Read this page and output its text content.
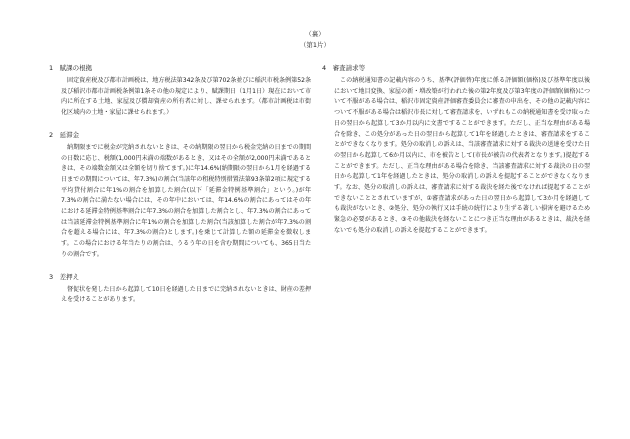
（裏）
（第1片）
1　賦課の根拠
固定資産税及び都市計画税は、地方税法第342条及び第702条並びに稲沢市税条例第52条及び稲沢市都市計画税条例第1条その他の規定により、賦課期日（1月1日）現在において市内に所在する土地、家屋及び償却資産の所有者に対し、課せられます。（都市計画税は市街化区域内の土地・家屋に課せられます。）
2　延滞金
納期限までに税金が完納されないときは、その納期限の翌日から税金完納の日までの期間の日数に応じ、税額(1,000円未満の端数があるとき、又はその全額が2,000円未満であるときは、その端数金額又は全額を切り捨てます。)に年14.6%(納期限の翌日から1月を経過する日までの期間については、年7.3%)の割合(当該年の租税特別措置法第93条第2項に規定する平均貸付割合に年1%の割合を加算した割合(以下「延滞金特例基準割合」という。)が年7.3%の割合に満たない場合には、その年中においては、年14.6%の割合にあってはその年における延滞金特例基準割合に年7.3%の割合を加算した割合とし、年7.3%の割合にあっては当該延滞金特例基準割合に年1%の割合を加算した割合(当該加算した割合が年7.3%の割合を超える場合には、年7.3%の割合)とします。)を乗じて計算した額の延滞金を徴収します。この場合における年当たりの割合は、うるう年の日を含む期間についても、365日当たりの割合です。
3　差押え
督促状を発した日から起算して10日を経過した日までに完納されないときは、財産の差押えを受けることがあります。
4　審査請求等
この納税通知書の記載内容のうち、基準(評価替)年度に係る評価額(価格)及び基準年度以後において地目変換、家屋の新・増改築が行われた後の第2年度及び第3年度の評価額(価格)について不服がある場合は、稲沢市固定資産評価審査委員会に審査の申出を、その他の記載内容について不服がある場合は稲沢市長に対して審査請求を、いずれもこの納税通知書を受け取った日の翌日から起算して3か月以内に文書ですることができます。ただし、正当な理由がある場合を除き、この処分があった日の翌日から起算して1年を経過したときは、審査請求をすることができなくなります。処分の取消しの訴えは、当該審査請求に対する裁決の送達を受けた日の翌日から起算して6か月以内に、市を被告として(市長が被告の代表者となります。)提起することができます。ただし、正当な理由がある場合を除き、当該審査請求に対する裁決の日の翌日から起算して1年を経過したときは、処分の取消しの訴えを提起することができなくなります。なお、処分の取消しの訴えは、審査請求に対する裁決を経た後でなければ提起することができないこととされていますが、①審査請求があった日の翌日から起算して3か月を経過しても裁決がないとき、②処分、処分の執行又は手続の続行により生ずる著しい損害を避けるため緊急の必要があるとき、③その他裁決を経ないことにつき正当な理由があるときは、裁決を経ないでも処分の取消しの訴えを提起することができます。
